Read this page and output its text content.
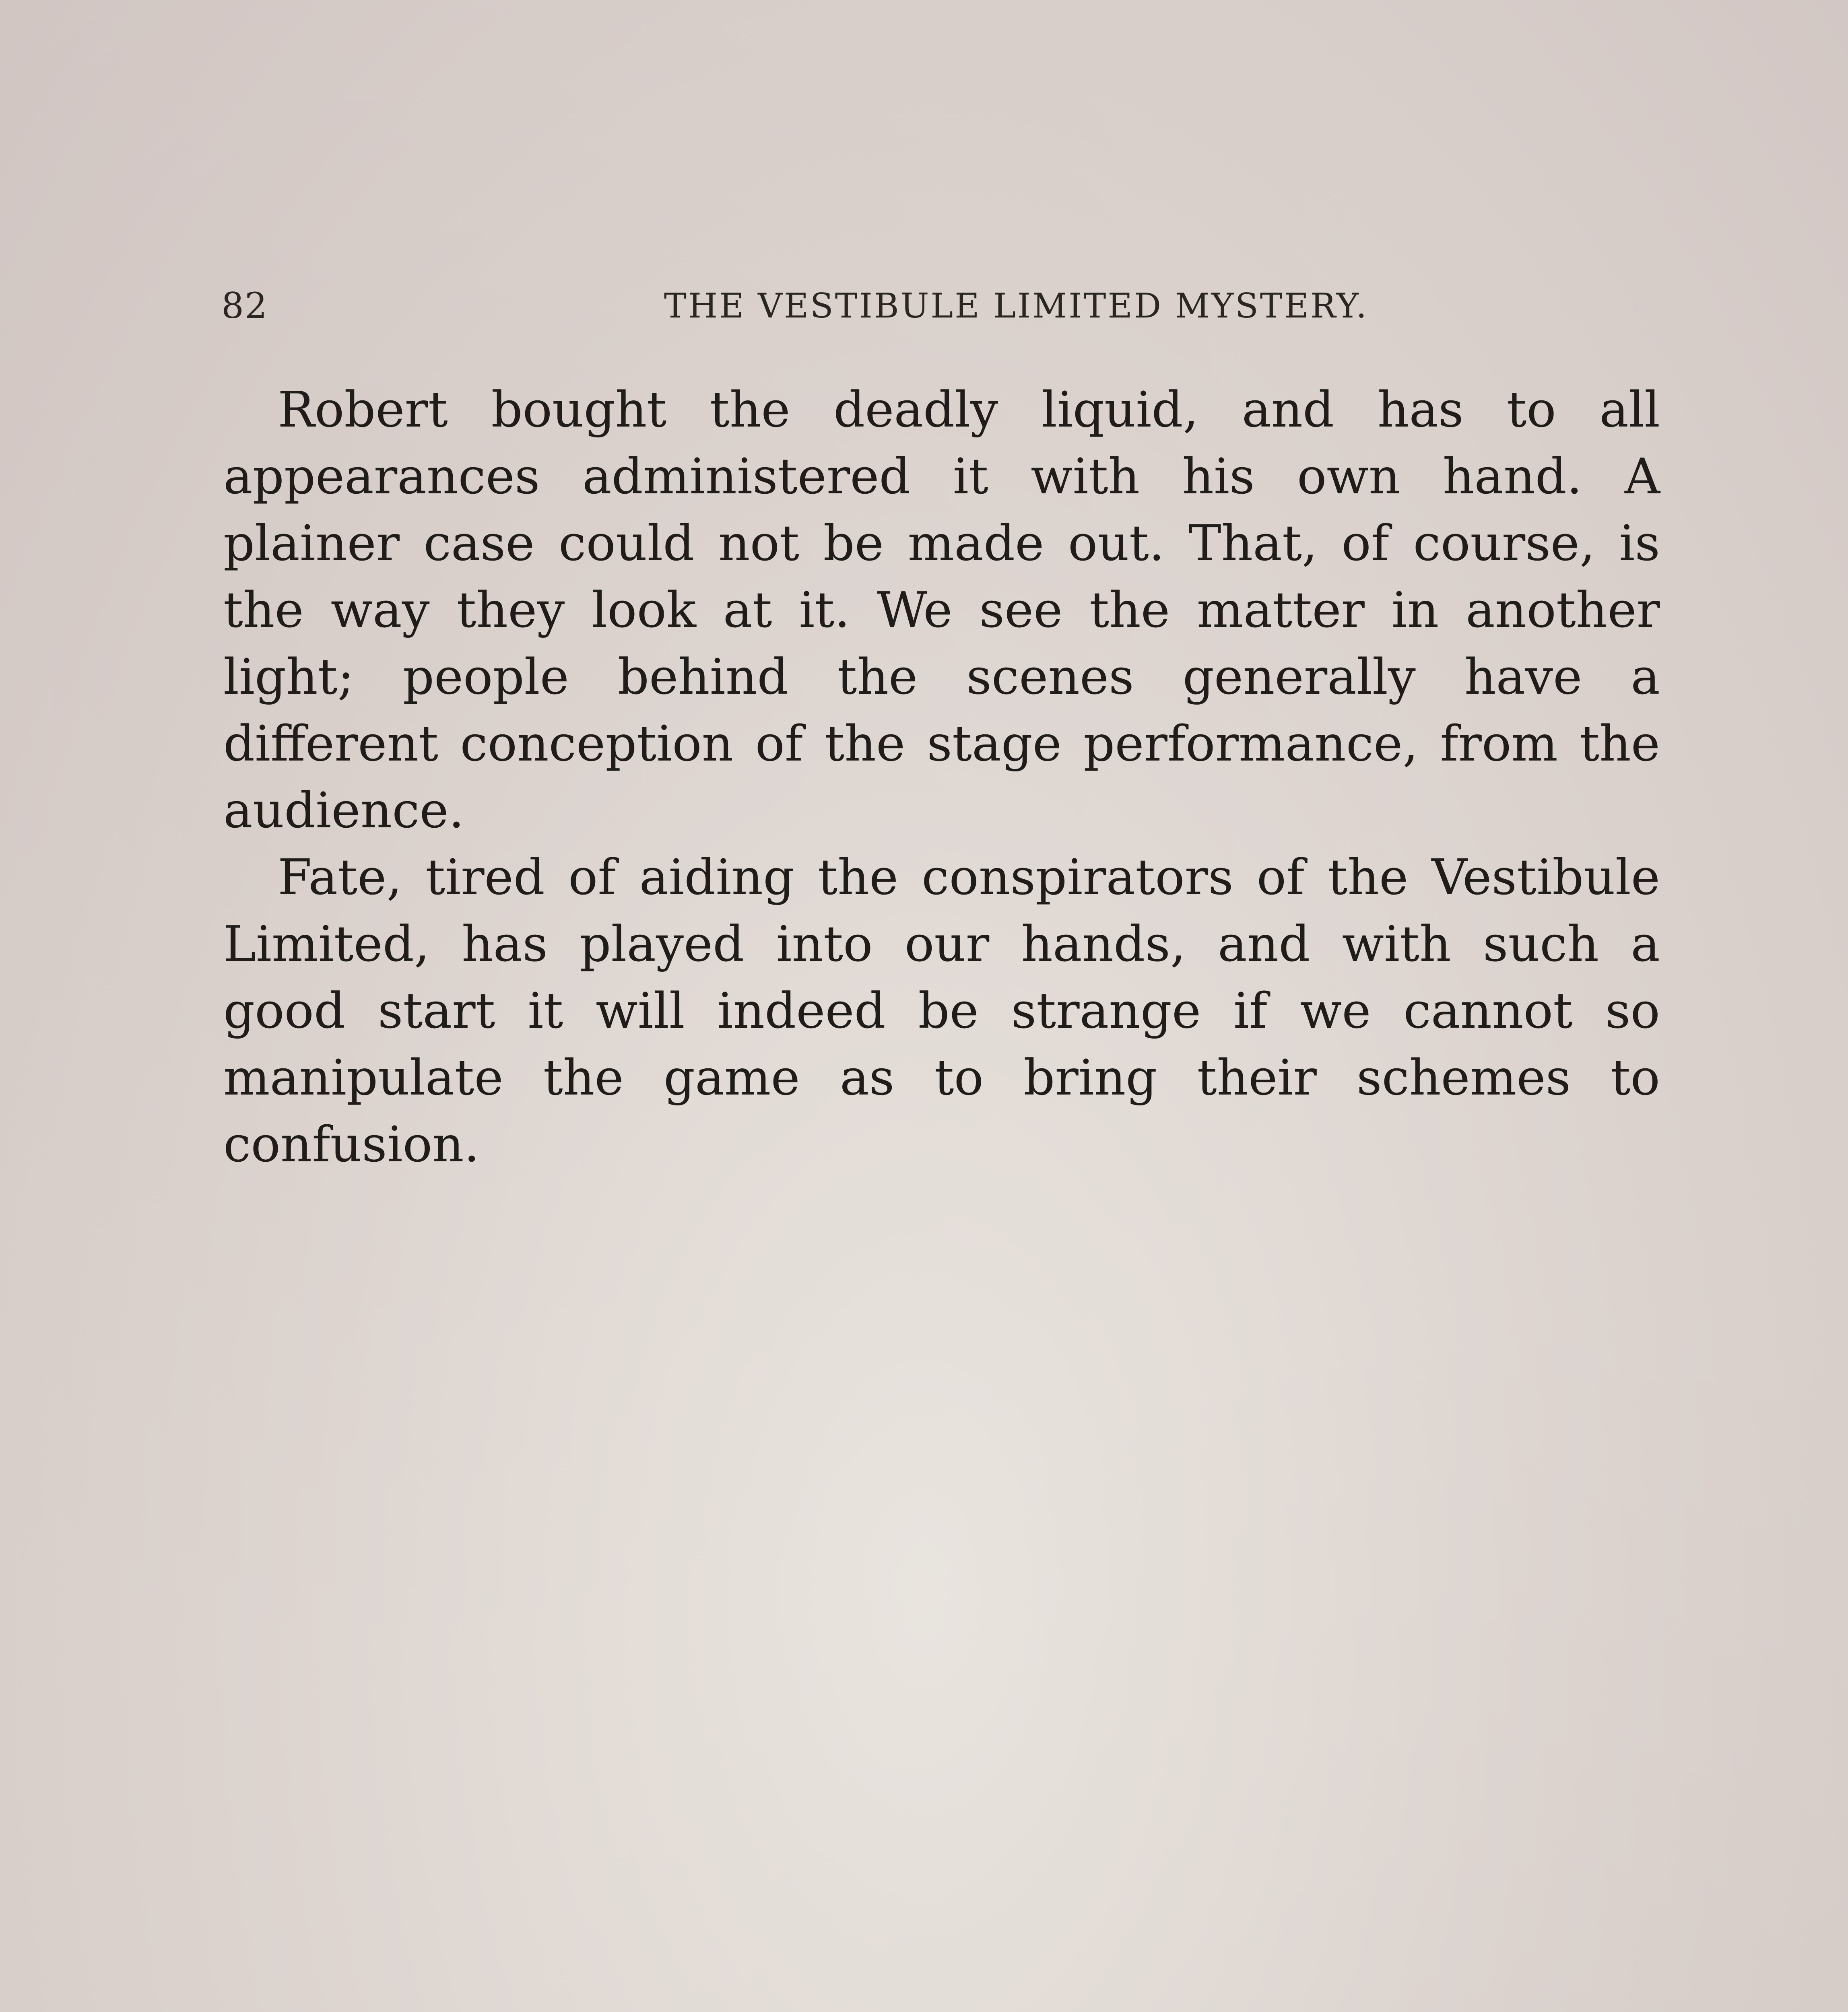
82	THE VESTIBULE LIMITED MYSTERY.

Robert bought the deadly liquid, and has to all appearances administered it with his own hand. A plainer case could not be made out. That, of course, is the way they look at it. We see the matter in another light; people behind the scenes generally have a different conception of the stage performance, from the audience.

Fate, tired of aiding the conspirators of the Vestibule Limited, has played into our hands, and with such a good start it will indeed be strange if we cannot so manipulate the game as to bring their schemes to confusion.
